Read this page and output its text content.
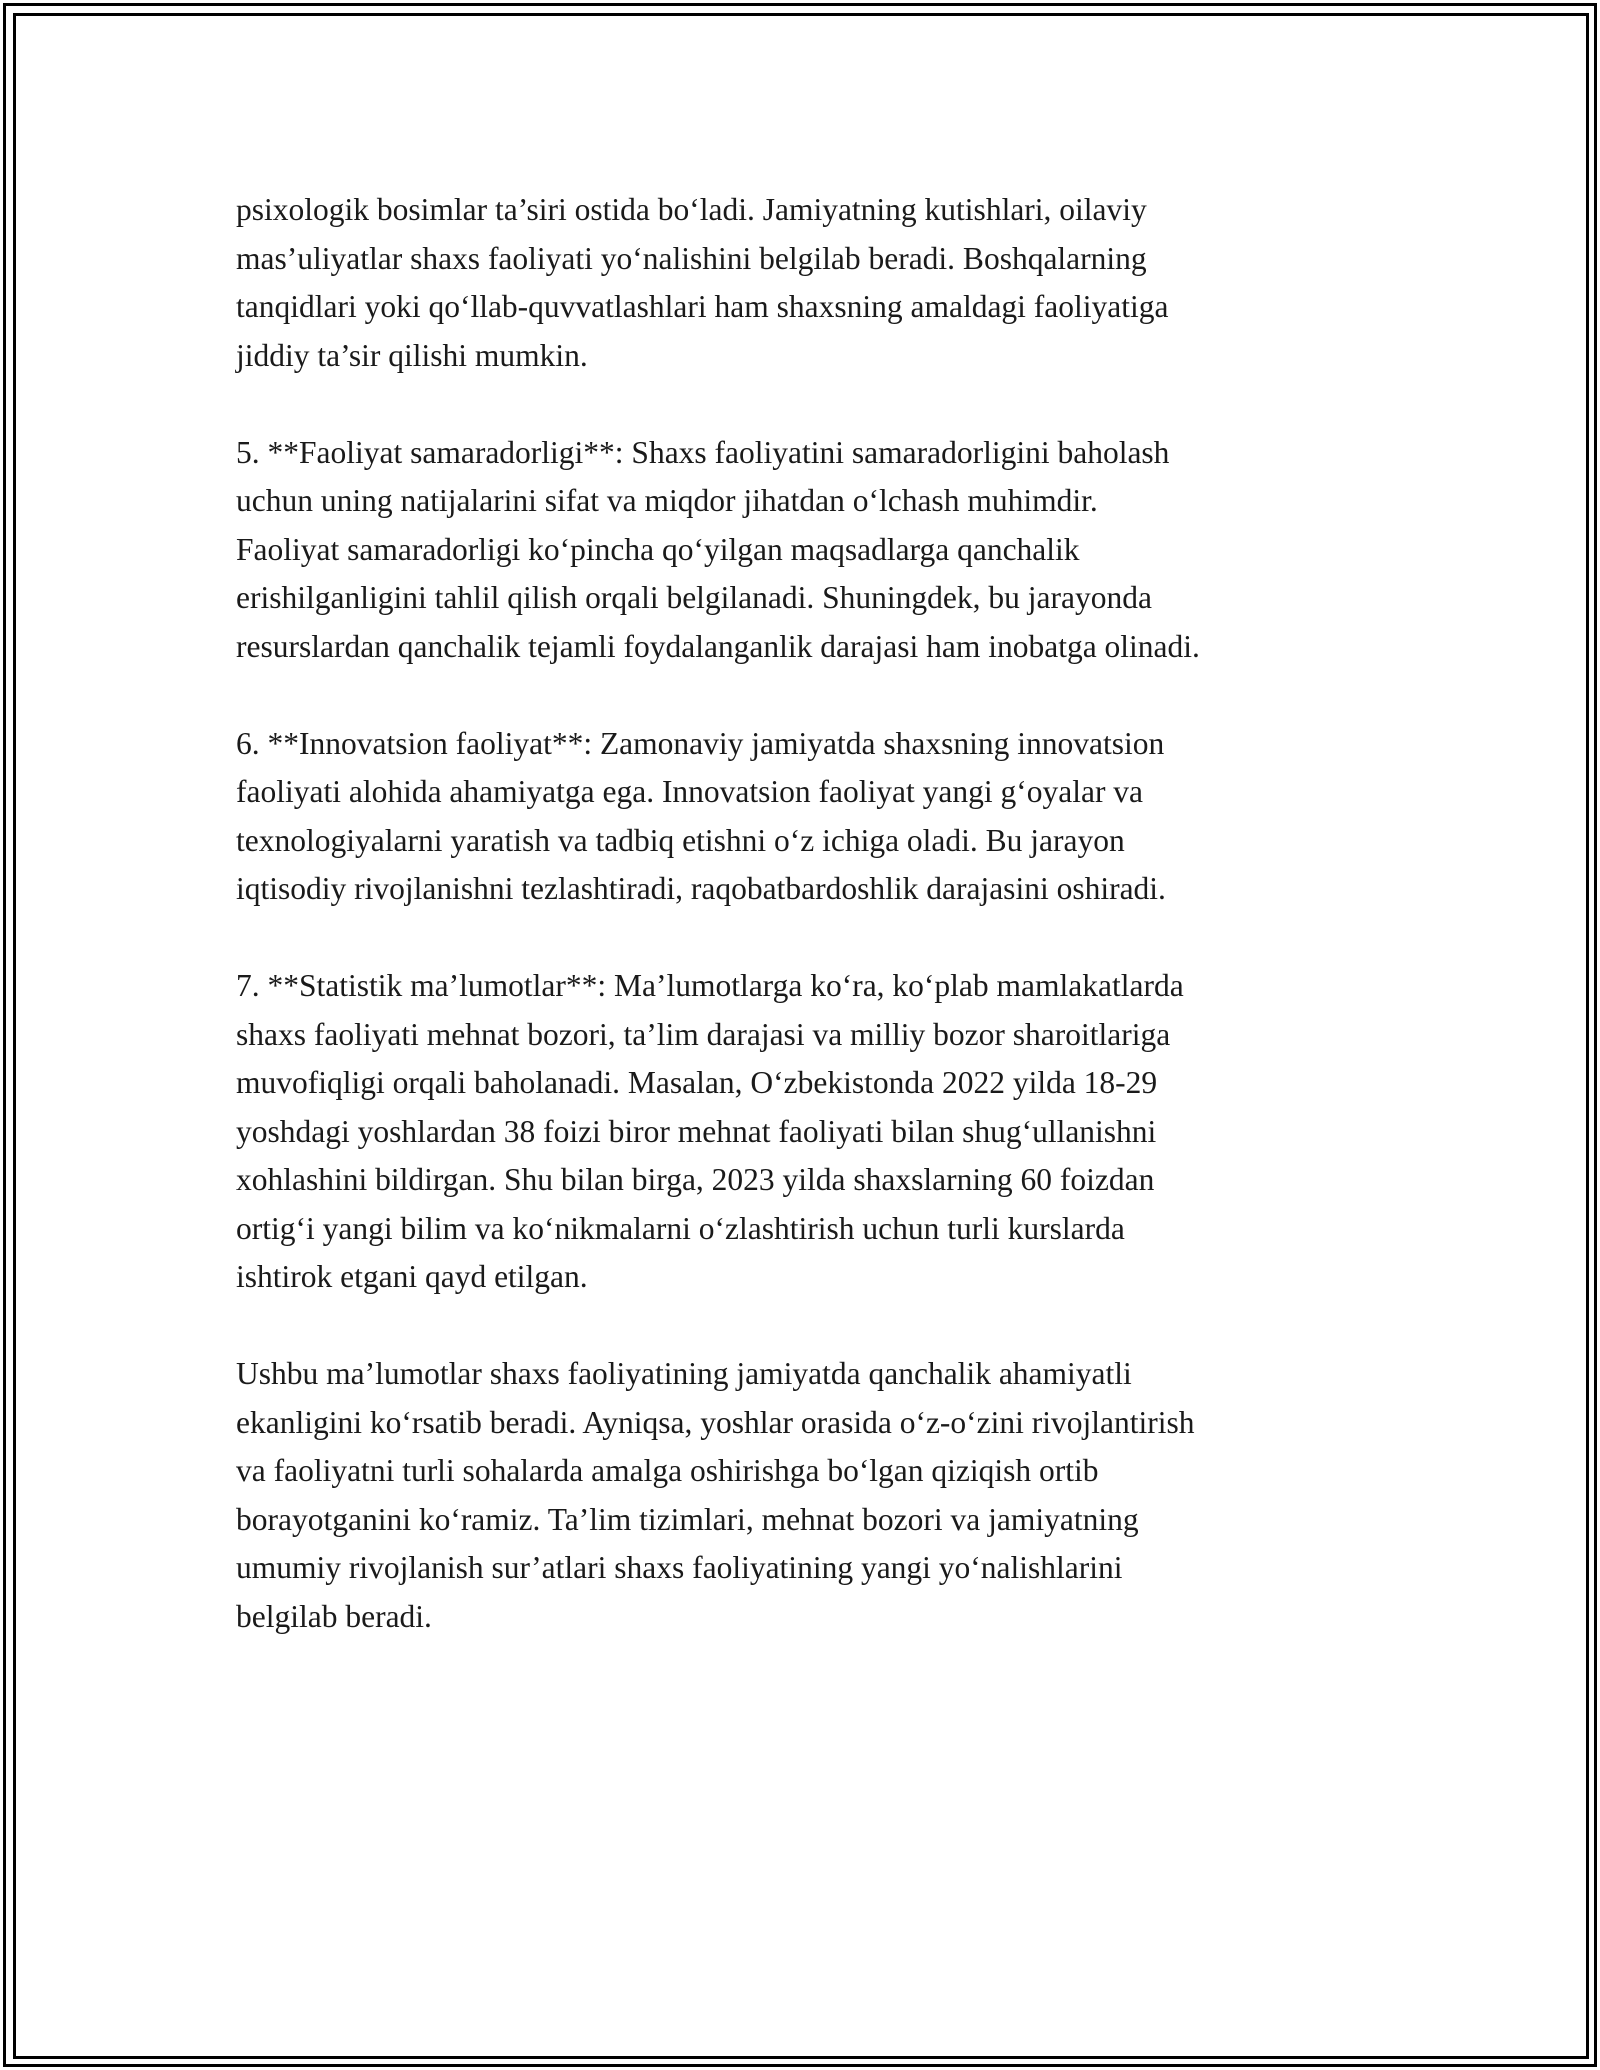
psixologik bosimlar ta’siri ostida bo‘ladi. Jamiyatning kutishlari, oilaviy
mas’uliyatlar shaxs faoliyati yo‘nalishini belgilab beradi. Boshqalarning
tanqidlari yoki qo‘llab-quvvatlashlari ham shaxsning amaldagi faoliyatiga
jiddiy ta’sir qilishi mumkin.

5. **Faoliyat samaradorligi**: Shaxs faoliyatini samaradorligini baholash
uchun uning natijalarini sifat va miqdor jihatdan o‘lchash muhimdir.
Faoliyat samaradorligi ko‘pincha qo‘yilgan maqsadlarga qanchalik
erishilganligini tahlil qilish orqali belgilanadi. Shuningdek, bu jarayonda
resurslardan qanchalik tejamli foydalanganlik darajasi ham inobatga olinadi.

6. **Innovatsion faoliyat**: Zamonaviy jamiyatda shaxsning innovatsion
faoliyati alohida ahamiyatga ega. Innovatsion faoliyat yangi g‘oyalar va
texnologiyalarni yaratish va tadbiq etishni o‘z ichiga oladi. Bu jarayon
iqtisodiy rivojlanishni tezlashtiradi, raqobatbardoshlik darajasini oshiradi.

7. **Statistik ma’lumotlar**: Ma’lumotlarga ko‘ra, ko‘plab mamlakatlarda
shaxs faoliyati mehnat bozori, ta’lim darajasi va milliy bozor sharoitlariga
muvofiqligi orqali baholanadi. Masalan, O‘zbekistonda 2022 yilda 18-29
yoshdagi yoshlardan 38 foizi biror mehnat faoliyati bilan shug‘ullanishni
xohlashini bildirgan. Shu bilan birga, 2023 yilda shaxslarning 60 foizdan
ortig‘i yangi bilim va ko‘nikmalarni o‘zlashtirish uchun turli kurslarda
ishtirok etgani qayd etilgan.

Ushbu ma’lumotlar shaxs faoliyatining jamiyatda qanchalik ahamiyatli
ekanligini ko‘rsatib beradi. Ayniqsa, yoshlar orasida o‘z-o‘zini rivojlantirish
va faoliyatni turli sohalarda amalga oshirishga bo‘lgan qiziqish ortib
borayotganini ko‘ramiz. Ta’lim tizimlari, mehnat bozori va jamiyatning
umumiy rivojlanish sur’atlari shaxs faoliyatining yangi yo‘nalishlarini
belgilab beradi.
